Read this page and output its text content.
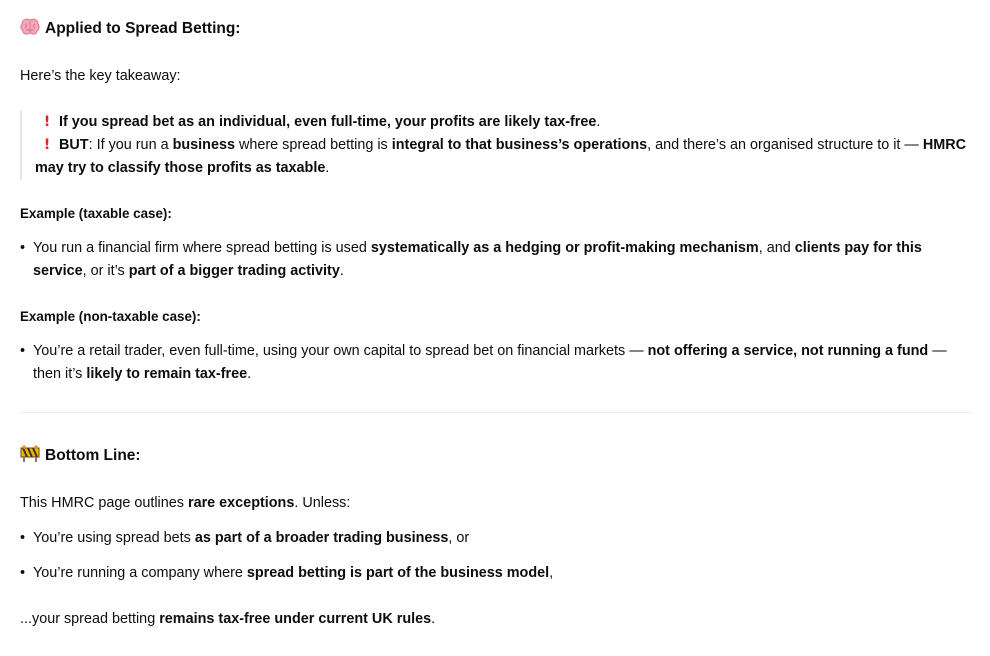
Applied to Spread Betting:
Here’s the key takeaway:
! If you spread bet as an individual, even full-time, your profits are likely tax-free.
! BUT: If you run a business where spread betting is integral to that business’s operations, and there’s an organised structure to it — HMRC may try to classify those profits as taxable.
Example (taxable case):
• You run a financial firm where spread betting is used systematically as a hedging or profit-making mechanism, and clients pay for this service, or it’s part of a bigger trading activity.
Example (non-taxable case):
• You’re a retail trader, even full-time, using your own capital to spread bet on financial markets — not offering a service, not running a fund — then it’s likely to remain tax-free.
Bottom Line:
This HMRC page outlines rare exceptions. Unless:
• You’re using spread bets as part of a broader trading business, or
• You’re running a company where spread betting is part of the business model,
...your spread betting remains tax-free under current UK rules.
